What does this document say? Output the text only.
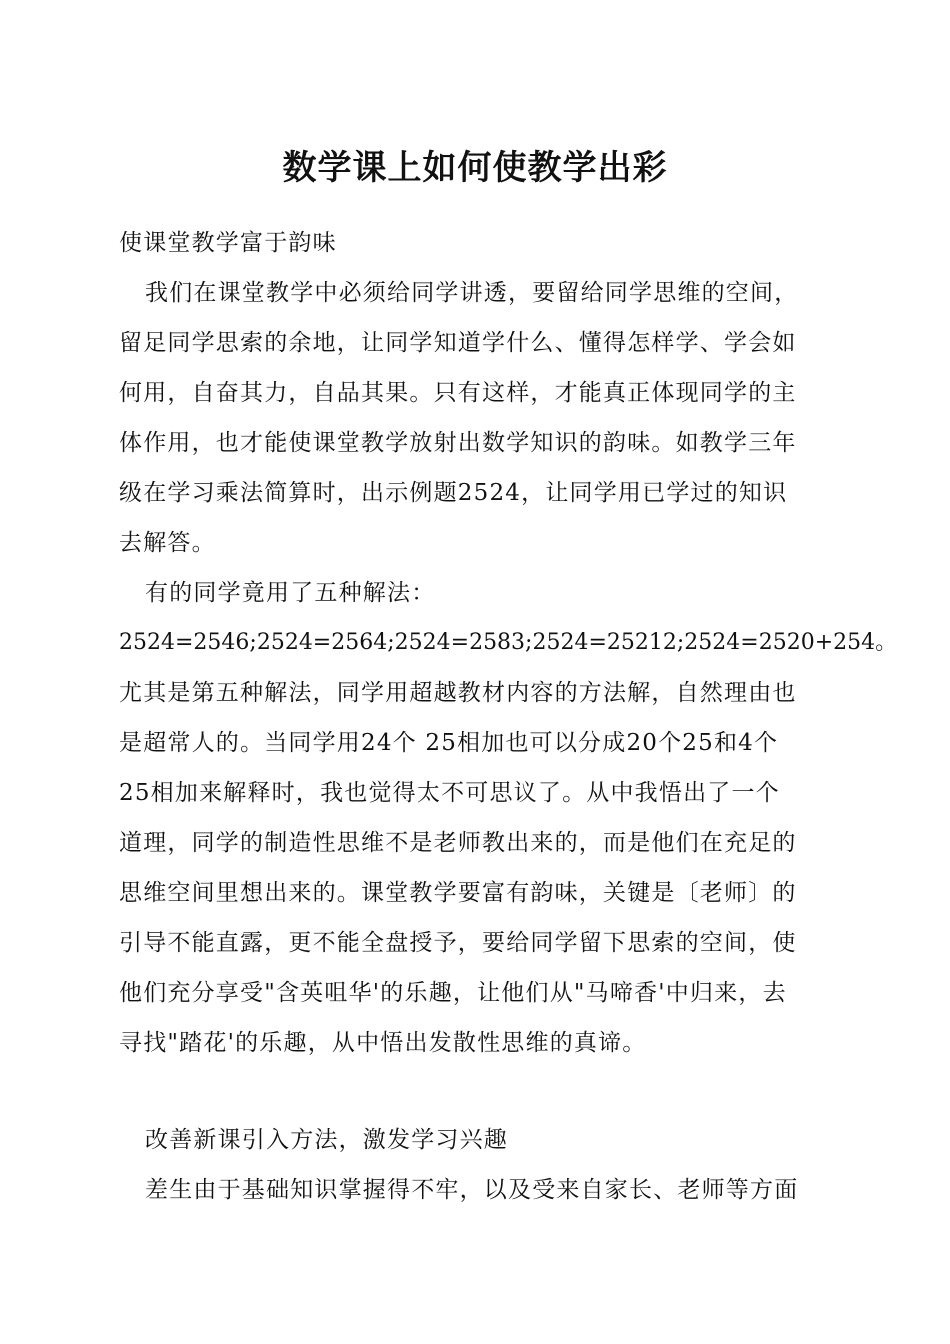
数学课上如何使教学出彩
使课堂教学富于韵味
我们在课堂教学中必须给同学讲透，要留给同学思维的空间，
留足同学思索的余地，让同学知道学什么、懂得怎样学、学会如
何用，自奋其力，自品其果。只有这样，才能真正体现同学的主
体作用，也才能使课堂教学放射出数学知识的韵味。如教学三年
级在学习乘法简算时，出示例题2524，让同学用已学过的知识
去解答。
有的同学竟用了五种解法：
2524=2546;2524=2564;2524=2583;2524=25212;2524=2520+254。
尤其是第五种解法，同学用超越教材内容的方法解，自然理由也
是超常人的。当同学用24个 25相加也可以分成20个25和4个
25相加来解释时，我也觉得太不可思议了。从中我悟出了一个
道理，同学的制造性思维不是老师教出来的，而是他们在充足的
思维空间里想出来的。课堂教学要富有韵味，关键是〔老师〕的
引导不能直露，更不能全盘授予，要给同学留下思索的空间，使
他们充分享受"含英咀华'的乐趣，让他们从"马啼香'中归来，去
寻找"踏花'的乐趣，从中悟出发散性思维的真谛。
改善新课引入方法，激发学习兴趣
差生由于基础知识掌握得不牢，以及受来自家长、老师等方面
